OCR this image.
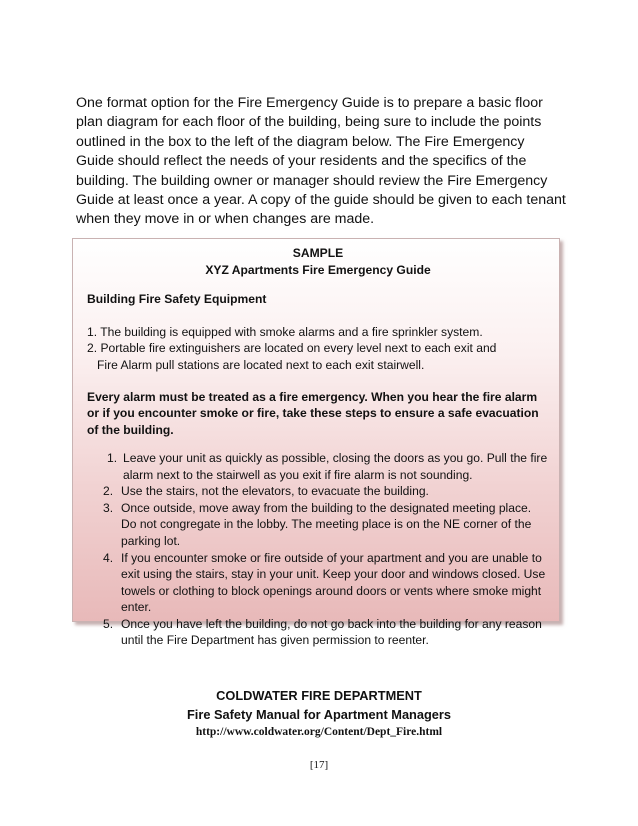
One format option for the Fire Emergency Guide is to prepare a basic floor plan diagram for each floor of the building, being sure to include the points outlined in the box to the left of the diagram below. The Fire Emergency Guide should reflect the needs of your residents and the specifics of the building. The building owner or manager should review the Fire Emergency Guide at least once a year. A copy of the guide should be given to each tenant when they move in or when changes are made.

SAMPLE
XYZ Apartments Fire Emergency Guide
Building Fire Safety Equipment
1. The building is equipped with smoke alarms and a fire sprinkler system.
2. Portable fire extinguishers are located on every level next to each exit and
Fire Alarm pull stations are located next to each exit stairwell.
Every alarm must be treated as a fire emergency. When you hear the fire alarm or if you encounter smoke or fire, take these steps to ensure a safe evacuation of the building.
1. Leave your unit as quickly as possible, closing the doors as you go. Pull the fire alarm next to the stairwell as you exit if fire alarm is not sounding.
2. Use the stairs, not the elevators, to evacuate the building.
3. Once outside, move away from the building to the designated meeting place. Do not congregate in the lobby. The meeting place is on the NE corner of the parking lot.
4. If you encounter smoke or fire outside of your apartment and you are unable to exit using the stairs, stay in your unit. Keep your door and windows closed. Use towels or clothing to block openings around doors or vents where smoke might enter.
5. Once you have left the building, do not go back into the building for any reason until the Fire Department has given permission to reenter.
COLDWATER FIRE DEPARTMENT
Fire Safety Manual for Apartment Managers
http://www.coldwater.org/Content/Dept_Fire.html
[17]
